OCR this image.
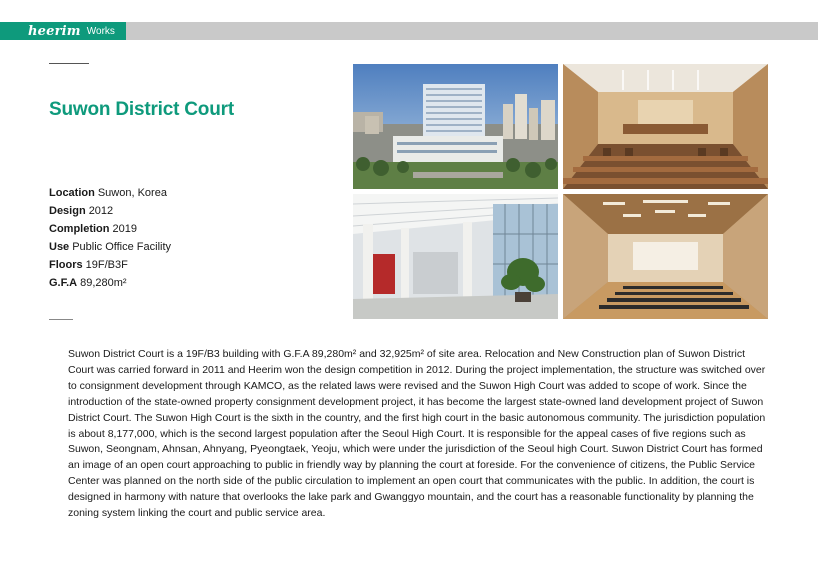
heerim Works
Suwon District Court
Location Suwon, Korea
Design 2012
Completion 2019
Use Public Office Facility
Floors 19F/B3F
G.F.A 89,280m²

Suwon District Court is a 19F/B3 building with G.F.A 89,280m² and 32,925m² of site area. Relocation and New Construction plan of Suwon District Court was carried forward in 2011 and Heerim won the design competition in 2012. During the project implementation, the structure was switched over to consignment development through KAMCO, as the related laws were revised and the Suwon High Court was added to scope of work. Since the introduction of the state-owned property consignment development project, it has become the largest state-owned land development project of Suwon District Court. The Suwon High Court is the sixth in the country, and the first high court in the basic autonomous community. The jurisdiction population is about 8,177,000, which is the second largest population after the Seoul High Court. It is responsible for the appeal cases of five regions such as Suwon, Seongnam, Ahnsan, Ahnyang, Pyeongtaek, Yeoju, which were under the jurisdiction of the Seoul high Court. Suwon District Court has formed an image of an open court approaching to public in friendly way by planning the court at foreside. For the convenience of citizens, the Public Service Center was planned on the north side of the public circulation to implement an open court that communicates with the public. In addition, the court is designed in harmony with nature that overlooks the lake park and Gwanggyo mountain, and the court has a reasonable functionality by planning the zoning system linking the court and public service area.
